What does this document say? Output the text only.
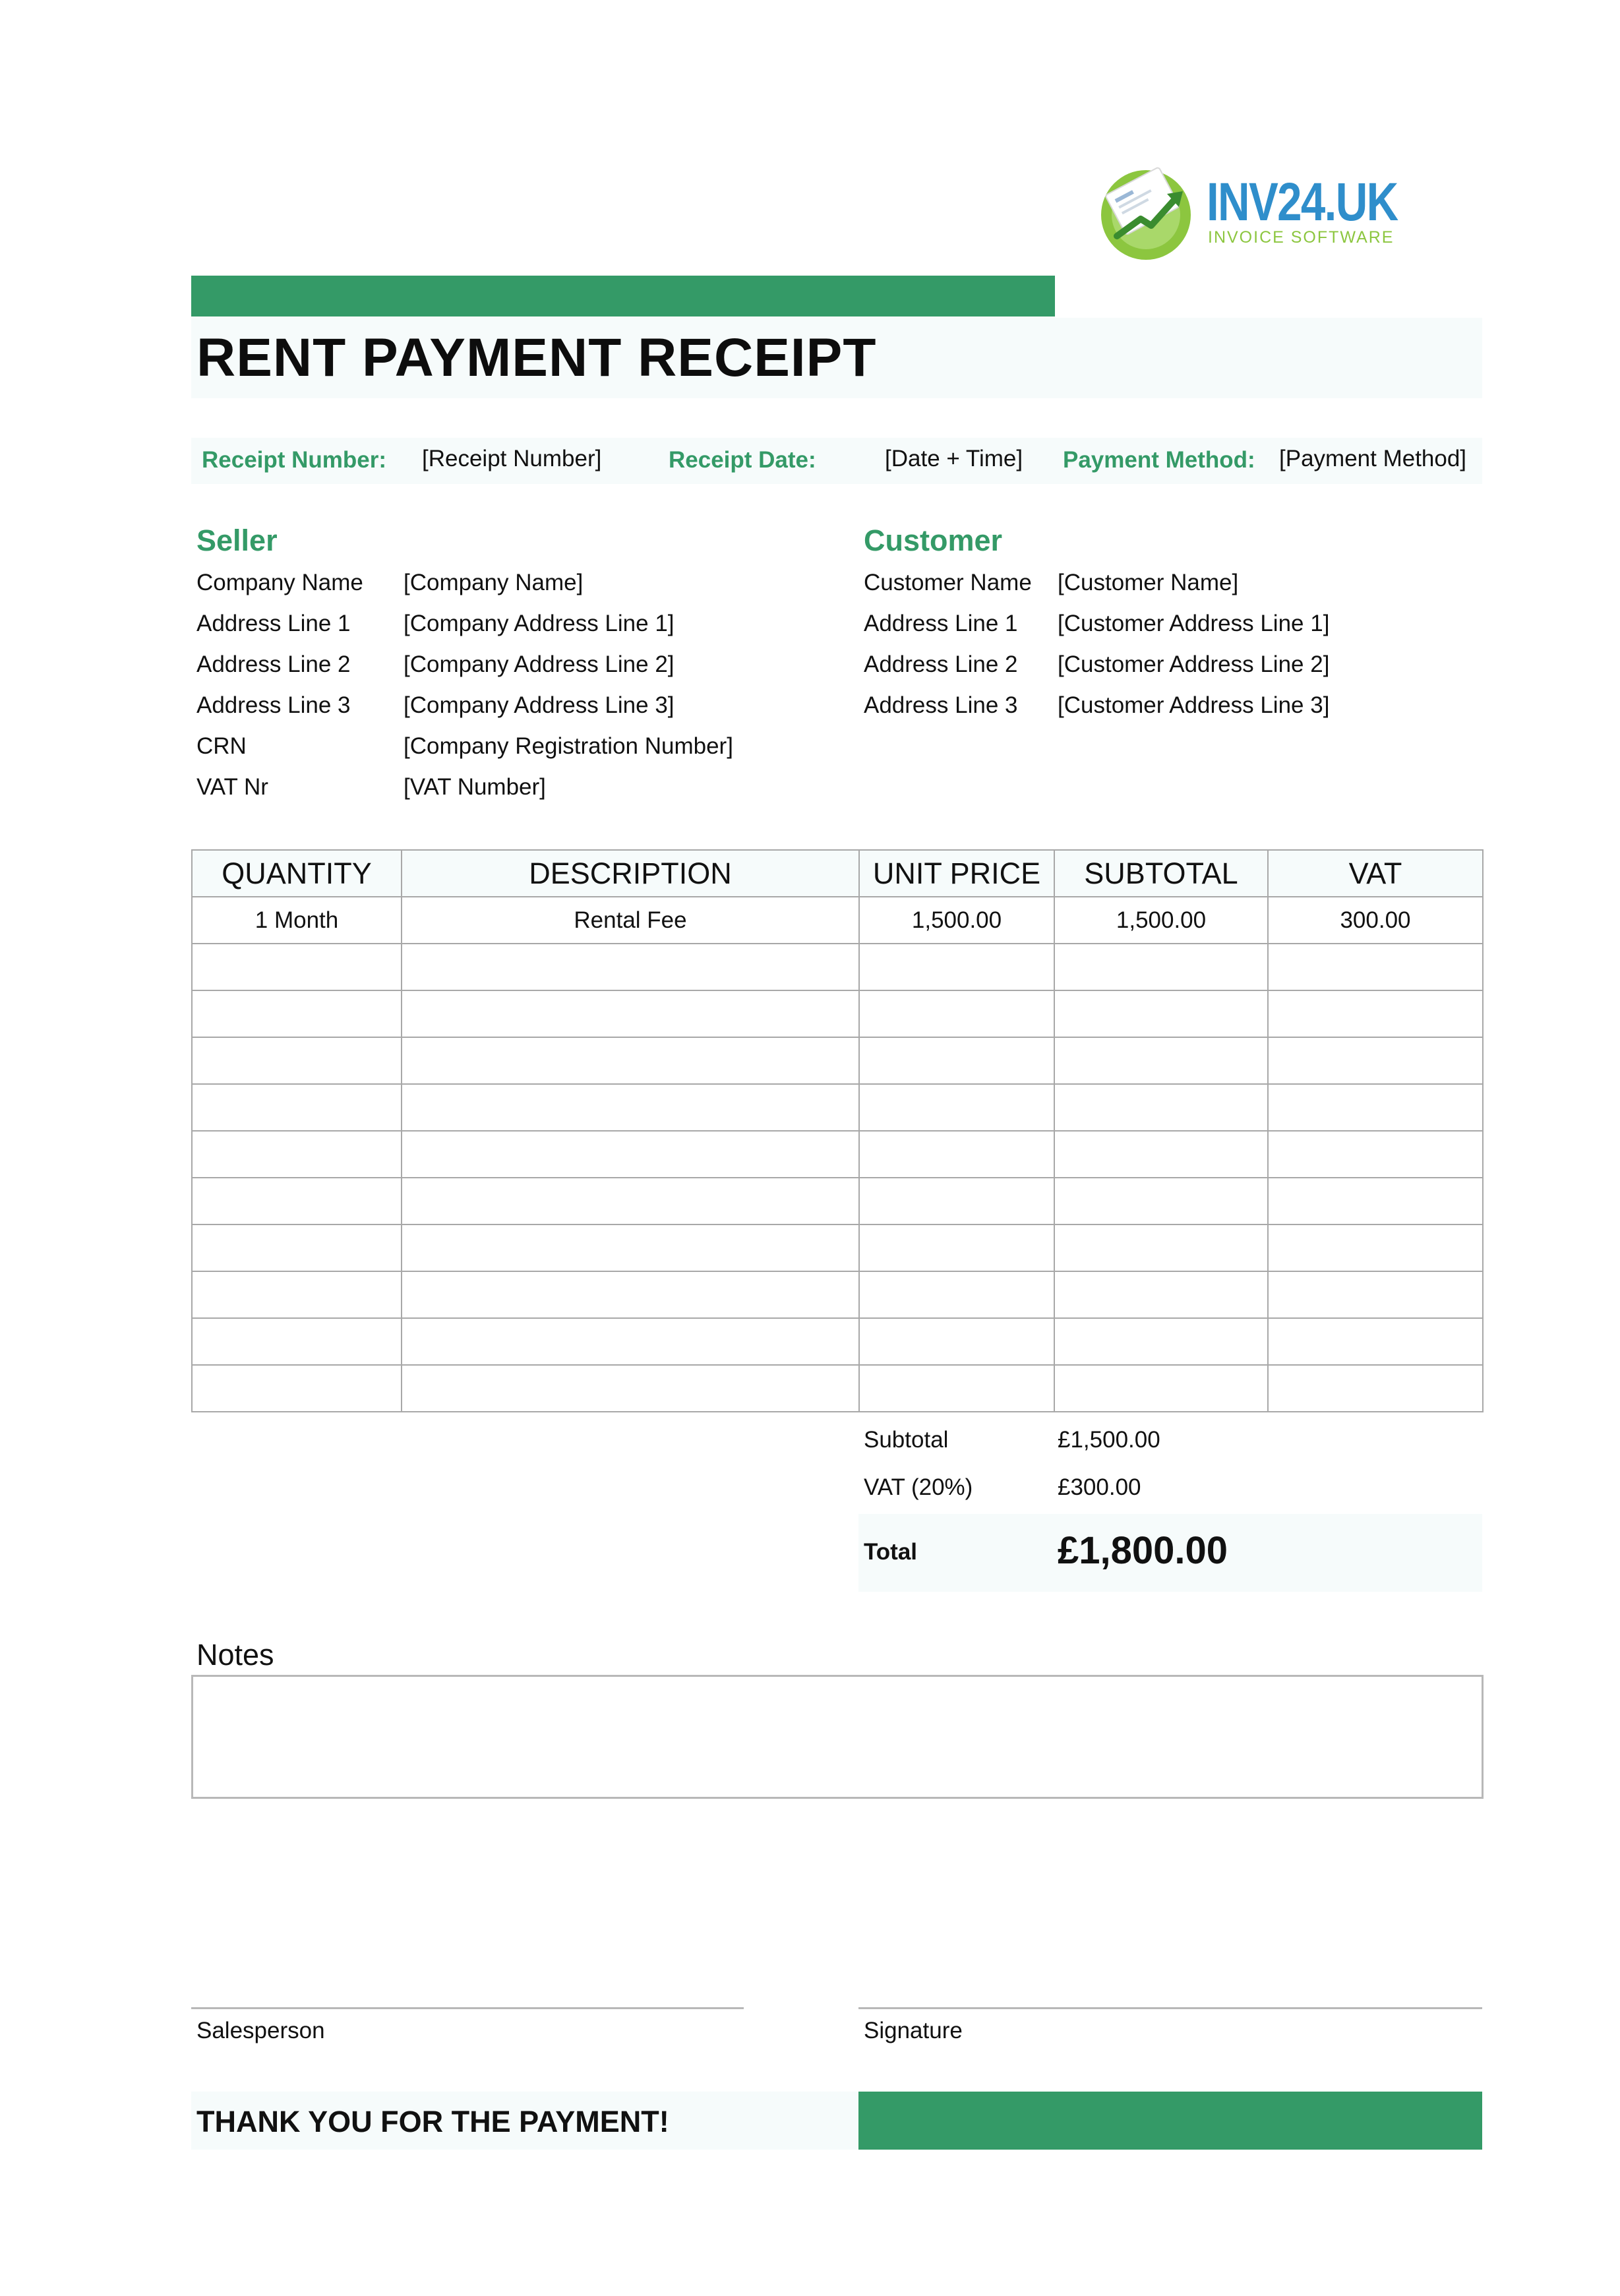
INV24.UK
INVOICE SOFTWARE
RENT PAYMENT RECEIPT
Receipt Number: [Receipt Number]	Receipt Date:	[Date + Time] Payment Method: [Payment Method]
Seller
Company Name [Company Name]
Address Line 1 [Company Address Line 1]
Address Line 2 [Company Address Line 2]
Address Line 3 [Company Address Line 3]
CRN	[Company Registration Number]
VAT Nr	[VAT Number]
Customer
Customer Name [Customer Name]
Address Line 1 [Customer Address Line 1]
Address Line 2 [Customer Address Line 2]
Address Line 3 [Customer Address Line 3]
QUANTITY	DESCRIPTION	UNIT PRICE	SUBTOTAL	VAT
1 Month	Rental Fee	1,500.00	1,500.00	300.00

Subtotal	£1,500.00
VAT (20%)	£300.00
Total	£1,800.00
Notes
Salesperson	Signature
THANK YOU FOR THE PAYMENT!
